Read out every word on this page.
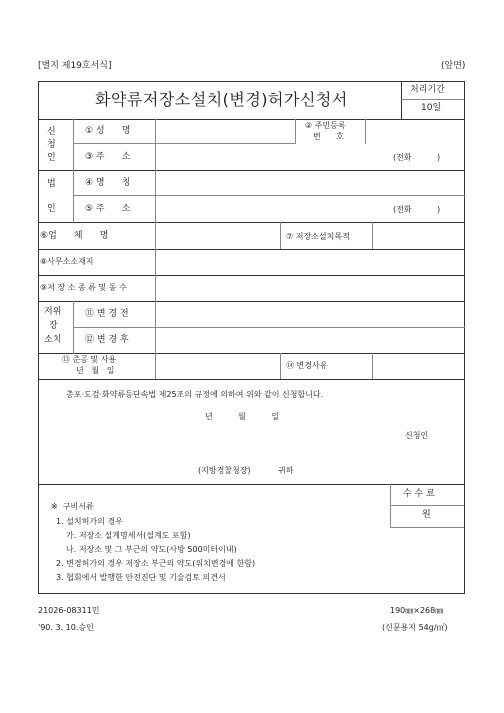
[별지 제19호서식]	(앞면)
화약류저장소설치(변경)허가신청서	처리기간
10일
신
청
인
① 성      명
② 주민등록
번      호
③ 주      소	(전화          )
법
인
④ 명      칭
⑤ 주      소	(전화          )
⑥업      체      명	⑦ 저장소설치목적
⑧사무소소재지
⑨저 장 소 종 류 및 동 수
저위
장
소치
⑪ 변 경 전
⑫ 변 경 후
⑬ 준공 및 사용
년   월   일
⑭ 변경사유
총포·도검·화약류등단속법 제25조의 규정에 의하여 위와 같이 신청합니다.
년          월          일
신청인
(지방경찰청장)	귀하
수 수 료
원
※  구비서류
1. 설치허가의 경우
가. 저장소 설계명세서(설계도 포함)
나. 저장소 및 그 부근의 약도(사방 500미터이내)
2. 변경허가의 경우 저장소 부근의 약도(위치변경에 한함)
3. 협회에서 발행한 안전진단 및 기술검토 의견서
21026-08311민
'90. 3. 10.승인
190㎜×268㎜
(신문용지 54g/㎡)
